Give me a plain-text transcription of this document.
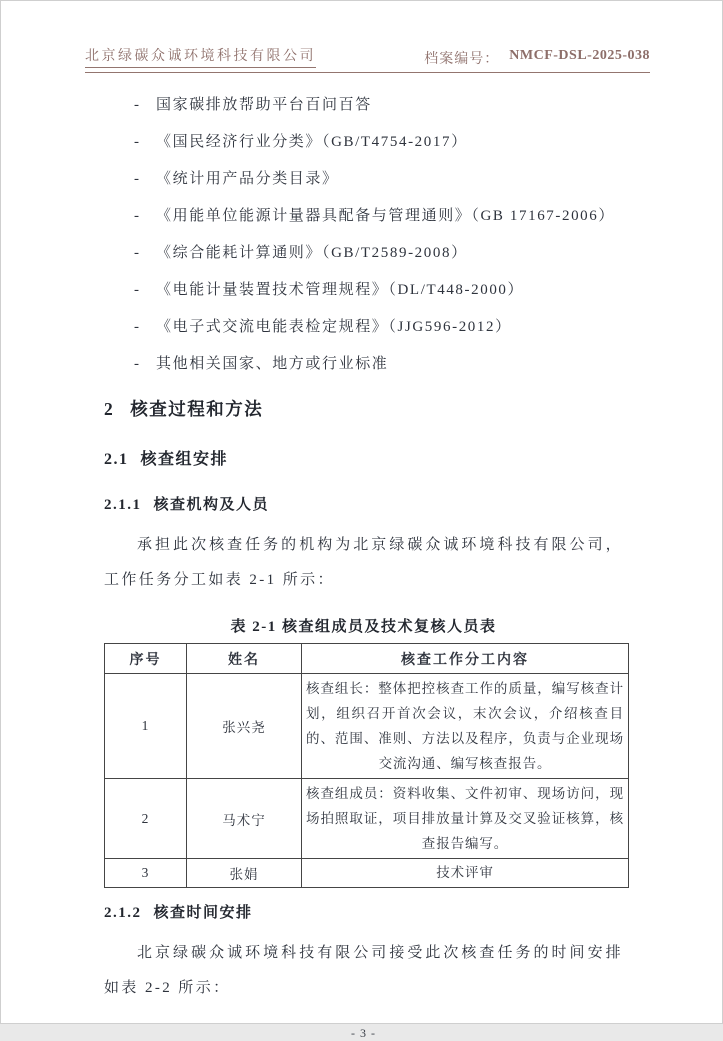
北京绿碳众诚环境科技有限公司	档案编号： NMCF-DSL-2025-038
-	国家碳排放帮助平台百问百答
-	《国民经济行业分类》（GB/T4754-2017）
-	《统计用产品分类目录》
-	《用能单位能源计量器具配备与管理通则》（GB 17167-2006）
-	《综合能耗计算通则》（GB/T2589-2008）
-	《电能计量装置技术管理规程》（DL/T448-2000）
-	《电子式交流电能表检定规程》（JJG596-2012）
-	其他相关国家、地方或行业标准
2 核查过程和方法
2.1 核查组安排
2.1.1 核查机构及人员

承担此次核查任务的机构为北京绿碳众诚环境科技有限公司，工作任务分工如表 2-1 所示：

表 2-1 核查组成员及技术复核人员表
序号	姓名	核查工作分工内容
1	张兴尧	核查组长：整体把控核查工作的质量，编写核查计划，组织召开首次会议，末次会议，介绍核查目的、范围、准则、方法以及程序，负责与企业现场交流沟通、编写核查报告。
2	马术宁	核查组成员：资料收集、文件初审、现场访问，现场拍照取证，项目排放量计算及交叉验证核算，核查报告编写。
3	张娟	技术评审
2.1.2 核查时间安排

北京绿碳众诚环境科技有限公司接受此次核查任务的时间安排如表 2-2 所示：

- 3 -
